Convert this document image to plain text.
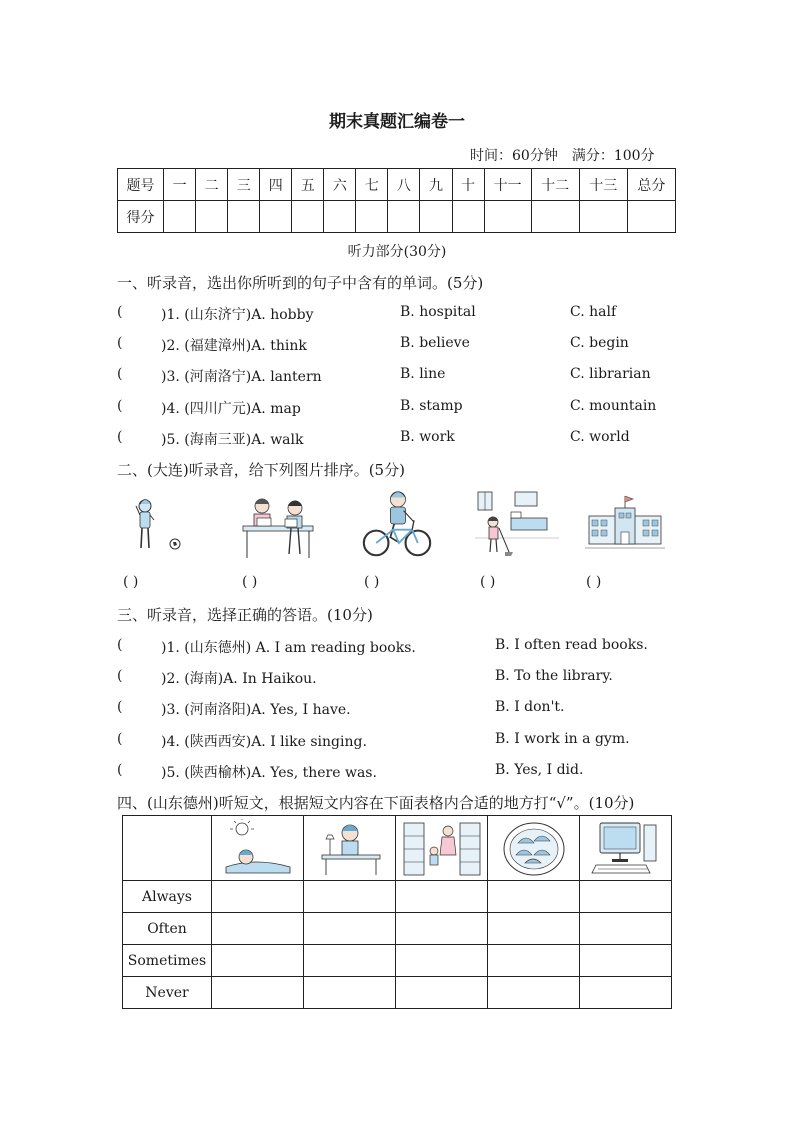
期末真题汇编卷一
时间：60分钟 满分：100分
题号	一	二	三	四	五	六	七	八	九	十	十一	十二	十三	总分
得分														
听力部分(30分)
一、听录音，选出你所听到的句子中含有的单词。(5分)
(	)1. (山东济宁)A. hobby	B. hospital	C. half
(	)2. (福建漳州)A. think	B. believe	C. begin
(	)3. (河南洛宁)A. lantern	B. line	C. librarian
(	)4. (四川广元)A. map	B. stamp	C. mountain
(	)5. (海南三亚)A. walk	B. work	C. world
二、(大连)听录音，给下列图片排序。(5分)
( )	( )	( )	( )	( )
三、听录音，选择正确的答语。(10分)
(	)1. (山东德州) A. I am reading books.	B. I often read books.
(	)2. (海南)A. In Haikou.	B. To the library.
(	)3. (河南洛阳)A. Yes, I have.	B. I don't.
(	)4. (陕西西安)A. I like singing.	B. I work in a gym.
(	)5. (陕西榆林)A. Yes, there was.	B. Yes, I did.
四、(山东德州)听短文，根据短文内容在下面表格内合适的地方打“√”。(10分)

Always					
Often					
Sometimes					
Never					
